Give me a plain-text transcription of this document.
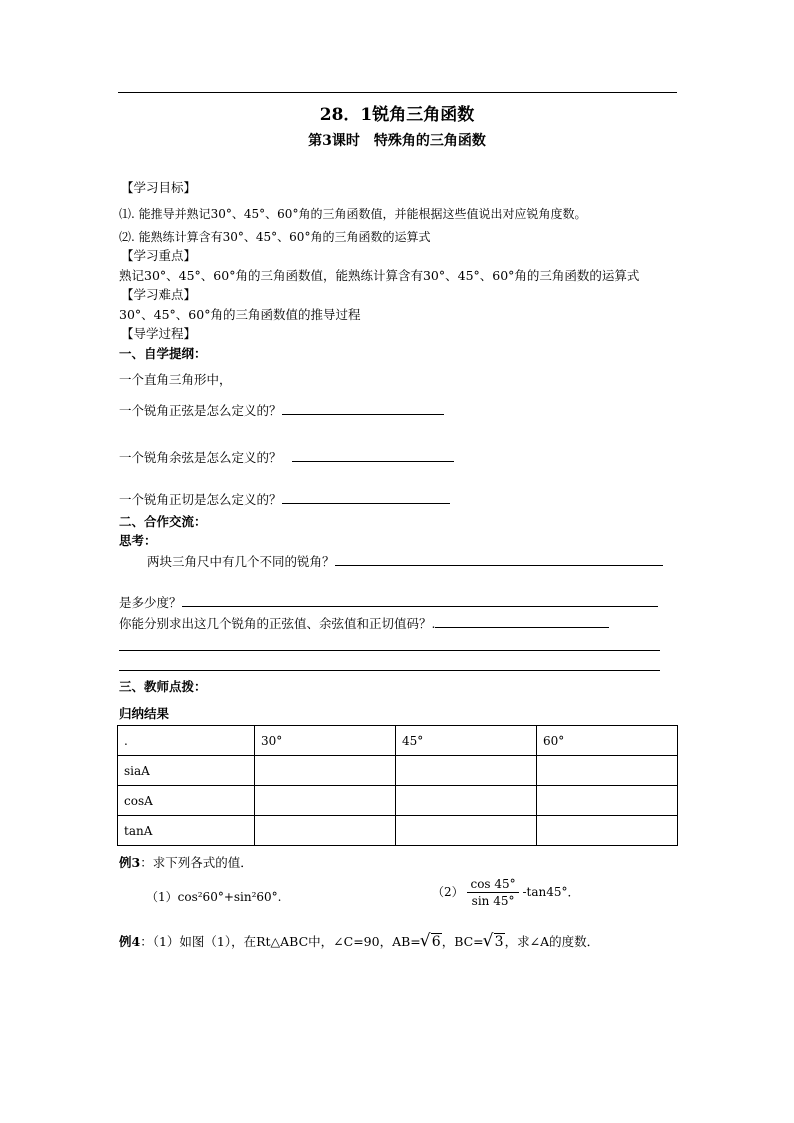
28．1锐角三角函数
第3课时　特殊角的三角函数
【学习目标】
⑴. 能推导并熟记30°、45°、60°角的三角函数值，并能根据这些值说出对应锐角度数。
⑵. 能熟练计算含有30°、45°、60°角的三角函数的运算式
【学习重点】
熟记30°、45°、60°角的三角函数值，能熟练计算含有30°、45°、60°角的三角函数的运算式
【学习难点】
30°、45°、60°角的三角函数值的推导过程
【导学过程】
一、自学提纲：
一个直角三角形中，
一个锐角正弦是怎么定义的？
一个锐角余弦是怎么定义的？
一个锐角正切是怎么定义的？
二、合作交流：
思考：
两块三角尺中有几个不同的锐角？
是多少度？
你能分别求出这几个锐角的正弦值、余弦值和正切值码？.
三、教师点拨：
归纳结果
.	30°	45°	60°
siaA			
cosA			
tanA			
例3：求下列各式的值．
（1）cos²60°+sin²60°.	$(2) \frac{\cos 45^\circ}{\sin 45^\circ} -\tan 45^\circ$．
例4：（1）如图（1），在Rt△ABC中，∠C=90，AB= √ 6，BC= √ 3，求∠A的度数．
